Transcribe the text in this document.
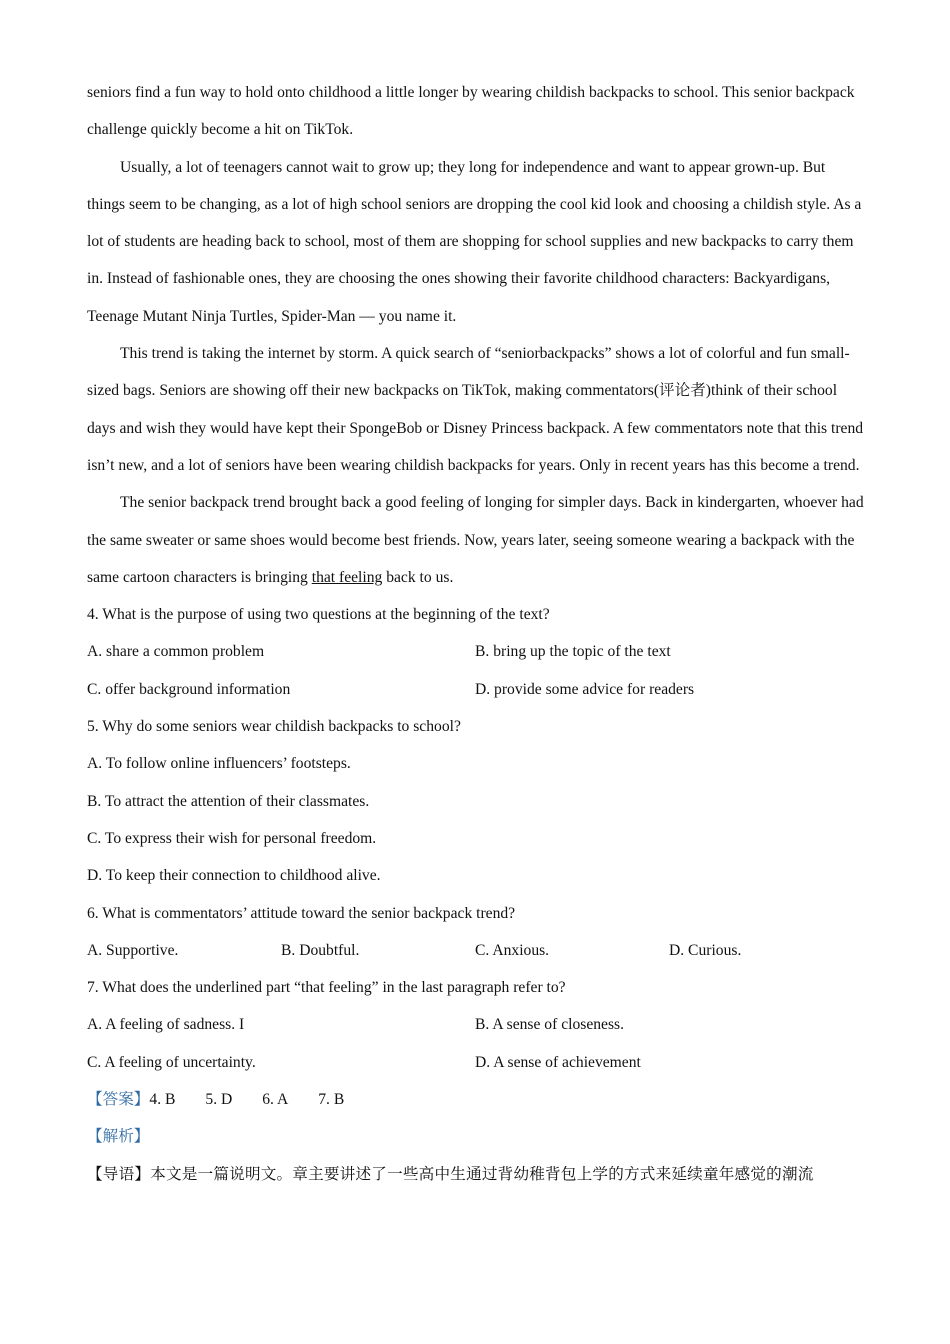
seniors find a fun way to hold onto childhood a little longer by wearing childish backpacks to school. This senior backpack challenge quickly become a hit on TikTok.

Usually, a lot of teenagers cannot wait to grow up; they long for independence and want to appear grown-up. But things seem to be changing, as a lot of high school seniors are dropping the cool kid look and choosing a childish style. As a lot of students are heading back to school, most of them are shopping for school supplies and new backpacks to carry them in. Instead of fashionable ones, they are choosing the ones showing their favorite childhood characters: Backyardigans, Teenage Mutant Ninja Turtles, Spider-Man — you name it.

This trend is taking the internet by storm. A quick search of “seniorbackpacks” shows a lot of colorful and fun small-sized bags. Seniors are showing off their new backpacks on TikTok, making commentators(评论者)think of their school days and wish they would have kept their SpongeBob or Disney Princess backpack. A few commentators note that this trend isn’t new, and a lot of seniors have been wearing childish backpacks for years. Only in recent years has this become a trend.

The senior backpack trend brought back a good feeling of longing for simpler days. Back in kindergarten, whoever had the same sweater or same shoes would become best friends. Now, years later, seeing someone wearing a backpack with the same cartoon characters is bringing that feeling back to us.

4. What is the purpose of using two questions at the beginning of the text?

A. share a common problem	B. bring up the topic of the text
C. offer background information	D. provide some advice for readers

5. Why do some seniors wear childish backpacks to school?

A. To follow online influencers’ footsteps.

B. To attract the attention of their classmates.

C. To express their wish for personal freedom.

D. To keep their connection to childhood alive.

6. What is commentators’ attitude toward the senior backpack trend?

A. Supportive.	B. Doubtful.	C. Anxious.	D. Curious.

7. What does the underlined part “that feeling” in the last paragraph refer to?

A. A feeling of sadness. I	B. A sense of closeness.
C. A feeling of uncertainty.	D. A sense of achievement

【答案】4. B 5. D 6. A 7. B

【解析】

【导语】本文是一篇说明文。章主要讲述了一些高中生通过背幼稚背包上学的方式来延续童年感觉的潮流
